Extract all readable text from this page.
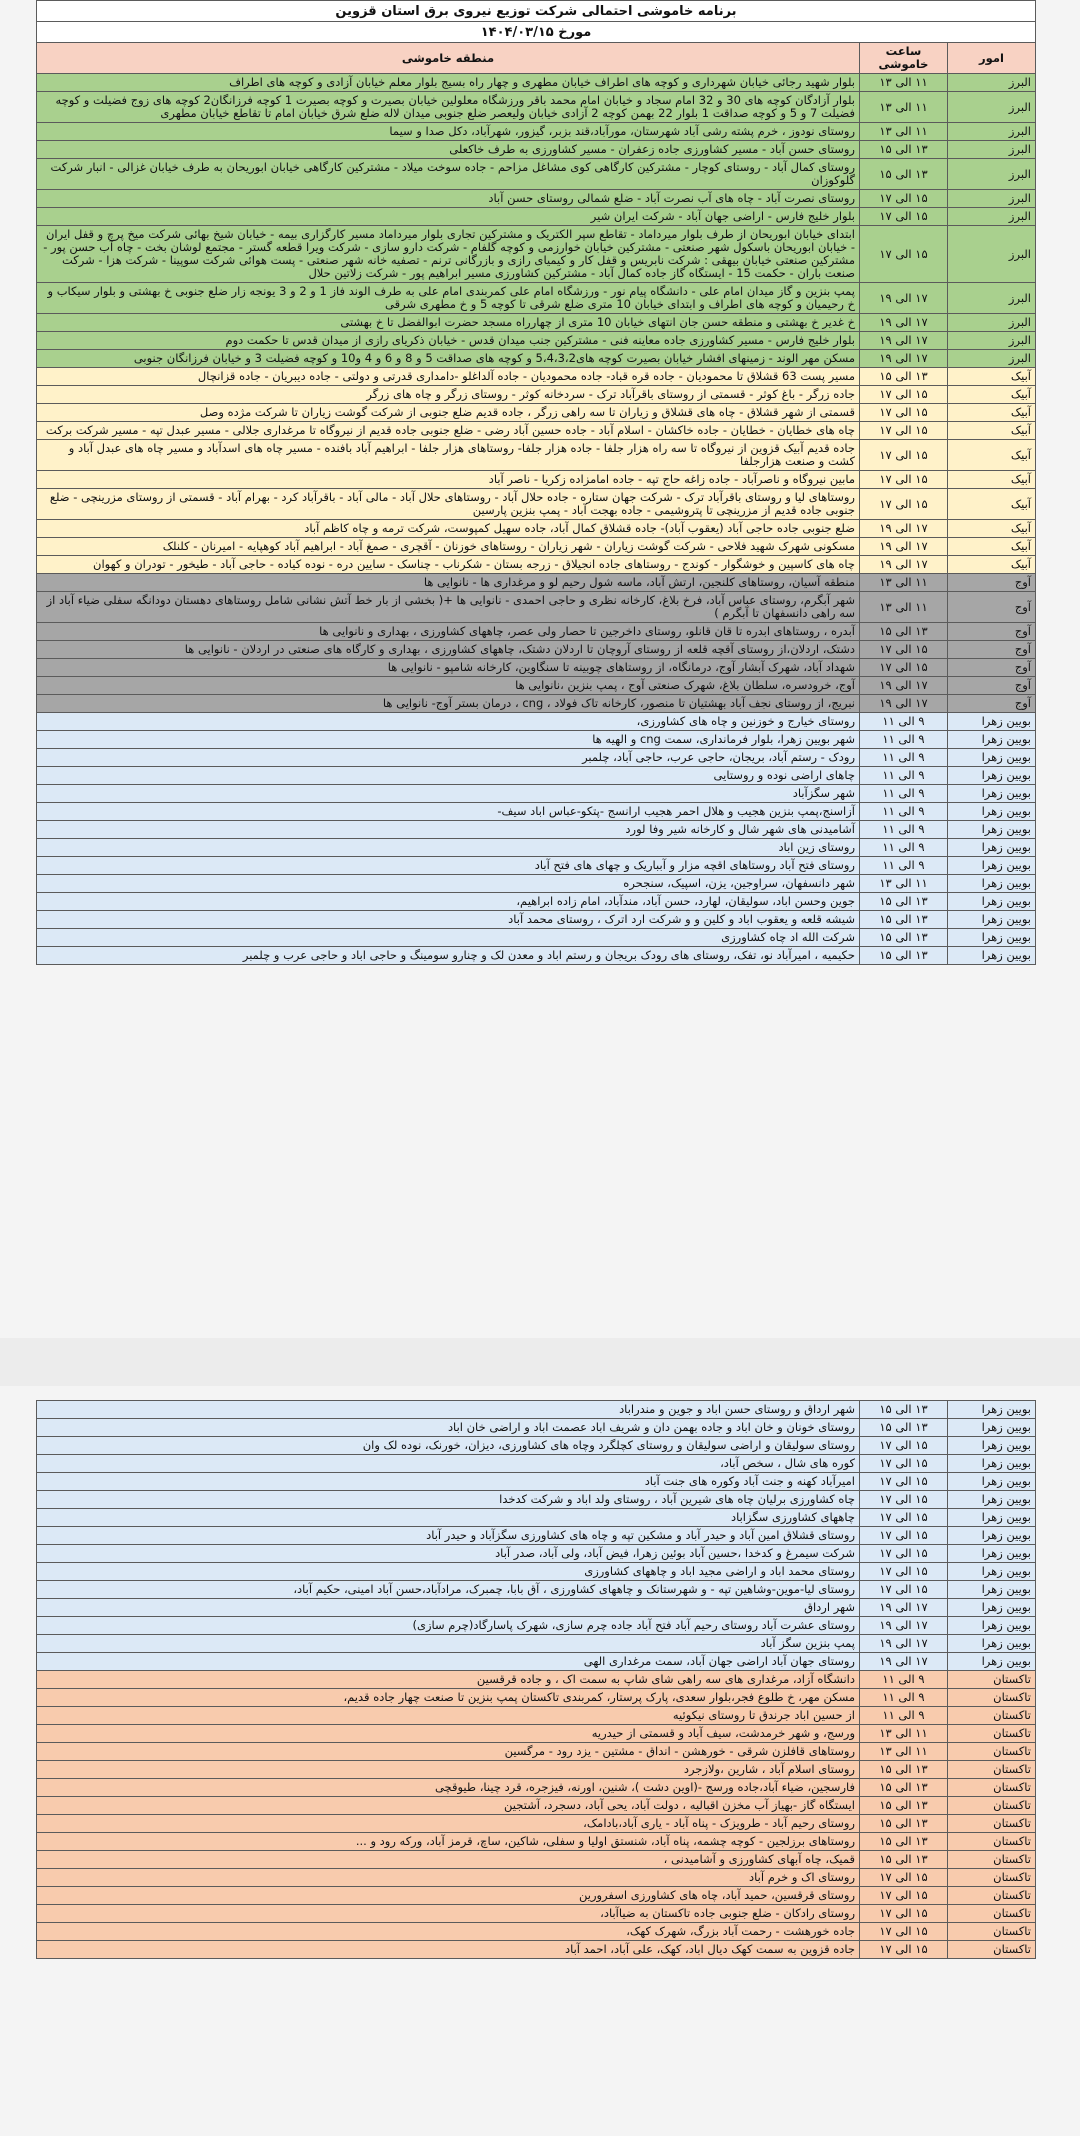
برنامه خاموشی احتمالی شرکت توزیع نیروی برق استان قزوین		
مورخ ۱۴۰۴/۰۳/۱۵		
امور	ساعت خاموشی	منطقه خاموشی
البرز	۱۱ الی ۱۳	بلوار شهید رجائی خیابان شهرداری و کوچه های اطراف خیابان مطهری و چهار راه بسیج بلوار معلم خیابان آزادی و کوچه های اطراف
البرز	۱۱ الی ۱۳	بلوار آزادگان کوچه های 30 و 32 امام سجاد و خیابان امام محمد باقر ورزشگاه معلولین خیابان بصیرت و کوچه بصیرت 1 کوچه فرزانگان2 کوچه های زوج فضیلت و کوچه فضیلت 7 و 5 و کوچه صداقت 1 بلوار 22 بهمن کوچه 2 آزادی خیابان ولیعصر ضلع جنوبی میدان لاله ضلع شرق خیابان امام تا تقاطع خیابان مطهری
البرز	۱۱ الی ۱۳	روستای نودوز ، خرم پشته رشی آباد شهرستان، مورآباد،قند بزبر، گیزور، شهرآباد، دکل صدا و سیما
البرز	۱۳ الی ۱۵	روستای حسن آباد - مسیر کشاورزی جاده زعفران - مسیر کشاورزی به طرف خاکعلی
البرز	۱۳ الی ۱۵	روستای کمال آباد - روستای کوچار - مشترکین کارگاهی کوی مشاغل مزاحم - جاده سوخت میلاد - مشترکین کارگاهی خیابان ابوریحان به طرف خیابان غزالی - انبار شرکت گلوکوزان
البرز	۱۵ الی ۱۷	روستای نصرت آباد - چاه های آب نصرت آباد - ضلع شمالی روستای حسن آباد
البرز	۱۵ الی ۱۷	بلوار خلیج فارس - اراضی جهان آباد - شرکت ایران شیر
البرز	۱۵ الی ۱۷	ابتدای خیابان ابوریحان از طرف بلوار میرداماد - تقاطع سپر الکتریک و مشترکین تجاری بلوار میرداماد مسیر کارگزاری بیمه - خیابان شیخ بهائی شرکت میخ پرچ و قفل ایران - خیابان ابوریحان باسکول شهر صنعتی - مشترکین خیابان خوارزمی و کوچه گلفام - شرکت دارو سازی - شرکت ویرا قطعه گستر - مجتمع لوشان بخت - چاه آب حسن پور - مشترکین صنعتی خیابان بیهقی : شرکت نابریس و قفل کار و کیمیای رازی و بازرگانی ترنم - تصفیه خانه شهر صنعتی - پست هوائی شرکت سوپینا - شرکت هزا - شرکت صنعت باران - حکمت 15 - ایستگاه گاز جاده کمال آباد - مشترکین کشاورزی مسیر ابراهیم پور - شرکت زلاتین حلال
البرز	۱۷ الی ۱۹	پمپ بنزین و گاز میدان امام علی - دانشگاه پیام نور - ورزشگاه امام علی کمربندی امام علی به طرف الوند فاز 1 و 2 و 3 یونجه زار ضلع جنوبی خ بهشتی و بلوار سیکاب و خ رحیمیان و کوچه های اطراف و ابتدای خیابان 10 متری ضلع شرقی تا کوچه 5 و خ مطهری شرقی
البرز	۱۷ الی ۱۹	خ غدیر خ بهشتی و منطقه حسن جان انتهای خیابان 10 متری از چهارراه مسجد حضرت ابوالفضل تا خ بهشتی
البرز	۱۷ الی ۱۹	بلوار خلیج فارس - مسیر کشاورزی جاده معاینه فنی - مشترکین جنب میدان قدس - خیابان ذکریای رازی از میدان قدس تا حکمت دوم
البرز	۱۷ الی ۱۹	مسکن مهر الوند - زمینهای افشار خیابان بصیرت کوچه های5،4،3،2 و کوچه های صداقت 5 و 8 و 6 و 4 و10 و کوچه فضیلت 3 و خیابان فرزانگان جنوبی
آبیک	۱۳ الی ۱۵	مسیر پست 63 قشلاق تا محمودیان - جاده قره قباد- جاده محمودیان - جاده آلداغلو -دامداری قدرتی و دولتی - جاده دیبریان - جاده قزانچال
آبیک	۱۵ الی ۱۷	جاده زرگر - باغ کوثر - قسمتی از روستای باقرآباد ترک - سردخانه کوثر - روستای زرگر و چاه های زرگر
آبیک	۱۵ الی ۱۷	قسمتی از شهر قشلاق - چاه های قشلاق و زیاران تا سه راهی زرگر ، جاده قدیم ضلع جنوبی از شرکت گوشت زیاران تا شرکت مژده وصل
آبیک	۱۵ الی ۱۷	چاه های خطایان - خطایان - جاده خاکشان - اسلام آباد - جاده حسین آباد رضی - ضلع جنوبی جاده قدیم از نیروگاه تا مرغداری جلالی - مسیر عبدل تپه - مسیر شرکت برکت
آبیک	۱۵ الی ۱۷	جاده قدیم آبیک قزوین از نیروگاه تا سه راه هزار جلفا - جاده هزار جلفا- روستاهای هزار جلفا - ابراهیم آباد بافنده - مسیر چاه های اسدآباد و مسیر چاه های عبدل آباد و کشت و صنعت هزارجلفا
آبیک	۱۵ الی ۱۷	مابین نیروگاه و ناصرآباد - جاده زاغه حاج تپه - جاده امامزاده زکریا - ناصر آباد
آبیک	۱۵ الی ۱۷	روستاهای لیا و روستای باقرآباد ترک - شرکت جهان ستاره - جاده حلال آباد - روستاهای حلال آباد - مالی آباد - باقرآباد کرد - بهرام آباد - قسمتی از روستای مزرینچی - ضلع جنوبی جاده قدیم از مزرینچی تا پتروشیمی - جاده بهجت آباد - پمپ بنزین پارسین
آبیک	۱۷ الی ۱۹	ضلع جنوبی جاده حاجی آباد (یعقوب آباد)- جاده قشلاق کمال آباد، جاده سهیل کمپوست، شرکت ترمه و چاه کاظم آباد
آبیک	۱۷ الی ۱۹	مسکونی شهرک شهید فلاحی - شرکت گوشت زیاران - شهر زیاران - روستاهای خوزنان - آقچری - صمغ آباد - ابراهیم آباد کوهپایه - امیرنان - کلنلک
آبیک	۱۷ الی ۱۹	چاه های کاسپین و خوشگوار - کوندج - روستاهای جاده انجیلاق - زرجه بستان - شکرناب - چناسک - سایین دره - نوده کیاده - حاجی آباد - طیخور - تودران و کهوان
آوج	۱۱ الی ۱۳	منطقه آسیان، روستاهای کلنجین، ارتش آباد، ماسه شول رحیم لو و مرغداری ها - نانوایی ها
آوج	۱۱ الی ۱۳	شهر آبگرم، روستای عباس آباد، فرخ بلاغ، کارخانه نظری و حاجی احمدی - نانوایی ها +( بخشی از بار خط آتش نشانی شامل روستاهای دهستان دودانگه سفلی ضیاء آباد از سه راهی دانسفهان تا آبگرم )
آوج	۱۳ الی ۱۵	آبدره ، روستاهای ابدره تا قان قانلو، روستای داخرجین تا حصار ولی عصر، چاههای کشاورزی ، بهداری و نانوایی ها
آوج	۱۵ الی ۱۷	دشتک، اردلان،از روستای آقچه قلعه از روستای آروچان تا اردلان دشتک، چاههای کشاورزی ، بهداری و کارگاه های صنعتی در اردلان - نانوایی ها
آوج	۱۵ الی ۱۷	شهداد آباد، شهرک آبشار آوج، درمانگاه، از روستاهای چوبینه تا سنگاوین، کارخانه شامپو - نانوایی ها
آوج	۱۷ الی ۱۹	آوج، خرودسره، سلطان بلاغ، شهرک صنعتی آوج ، پمپ بنزین ،نانوایی ها
آوج	۱۷ الی ۱۹	نبریج، از روستای نجف آباد بهشتیان تا منصور، کارخانه تاک فولاد ، cng ، درمان بستر آوج- نانوایی ها
بویین زهرا	۹ الی ۱۱	روستای خیارج و خوزنین و چاه های کشاورزی،
بویین زهرا	۹ الی ۱۱	شهر بویین زهرا، بلوار فرمانداری، سمت cng و الهیه ها
بویین زهرا	۹ الی ۱۱	رودک - رستم آباد، بریجان، حاجی عرب، حاجی آباد، چلمبر
بویین زهرا	۹ الی ۱۱	چاهای اراضی نوده و روستایی
بویین زهرا	۹ الی ۱۱	شهر سگزآباد
بویین زهرا	۹ الی ۱۱	آزاسنج،پمپ بنزین هجیب و هلال احمر هجیب ارانسج -پتکو-عباس اباد سیف-
بویین زهرا	۹ الی ۱۱	آشامیدنی های شهر شال و کارخانه شیر وفا لورد
بویین زهرا	۹ الی ۱۱	روستای زین اباد
بویین زهرا	۹ الی ۱۱	روستای فتح آباد روستاهای اقچه مزار و آبباریک و چهای های فتح آباد
بویین زهرا	۱۱ الی ۱۳	شهر دانسفهان، سراوجین، یزن، اسپیک، سنجحره
بویین زهرا	۱۳ الی ۱۵	جوین وحسن اباد، سولیقان، لهارد، حسن آباد، مندآباد، امام زاده ابراهیم،
بویین زهرا	۱۳ الی ۱۵	شیشه قلعه و یعقوب اباد و کلین و و شرکت ارد اترک ، روستای محمد آباد
بویین زهرا	۱۳ الی ۱۵	شرکت الله اد چاه کشاورزی
بویین زهرا	۱۳ الی ۱۵	حکیمیه ، امیرآباد نو، تفک، روستای های رودک بریجان و رستم اباد و معدن لک و چنارو سومینگ و حاجی اباد و حاجی عرب و چلمبر
بویین زهرا	۱۳ الی ۱۵	شهر ارداق و روستای حسن اباد و جوین و مندراباد
بویین زهرا	۱۳ الی ۱۵	روستای خونان و خان اباد و جاده بهمن دان و شریف اباد عصمت اباد و اراضی خان اباد
بویین زهرا	۱۵ الی ۱۷	روستای سولیقان و اراضی سولیقان و روستای کچلگرد وچاه های کشاورزی، دیزان، خورنک، نوده لک وان
بویین زهرا	۱۵ الی ۱۷	کوره های شال ، سخص آباد،
بویین زهرا	۱۵ الی ۱۷	امیرآباد کهنه و جنت آباد وکوره های جنت آباد
بویین زهرا	۱۵ الی ۱۷	چاه کشاورزی برلیان چاه های شیرین آباد ، روستای ولد اباد و شرکت کدخدا
بویین زهرا	۱۵ الی ۱۷	چاههای کشاورزی سگزاباد
بویین زهرا	۱۵ الی ۱۷	روستای قشلاق امین آباد و حیدر آباد و مشکین تپه و چاه های کشاورزی سگزآباد و حیدر آباد
بویین زهرا	۱۵ الی ۱۷	شرکت سیمرغ و کدخدا ،حسین آباد بوئین زهرا، فیض آباد، ولی آباد، صدر آباد
بویین زهرا	۱۵ الی ۱۷	روستای محمد اباد و اراضی مجید اباد و چاههای کشاورزی
بویین زهرا	۱۵ الی ۱۷	روستای لیا-موین-وشاهین تپه - و شهرستانک و چاههای کشاورزی ، آق بابا، چمبرک، مرادآباد،حسن آباد امینی، حکیم آباد،
بویین زهرا	۱۷ الی ۱۹	شهر ارداق
بویین زهرا	۱۷ الی ۱۹	روستای عشرت آباد روستای رحیم آباد فتح آباد جاده چرم سازی، شهرک پاسارگاد(چرم سازی)
بویین زهرا	۱۷ الی ۱۹	پمپ بنزین سگز آباد
بویین زهرا	۱۷ الی ۱۹	روستای جهان آباد اراضی جهان آباد، سمت مرغداری الهی
تاکستان	۹ الی ۱۱	دانشگاه آزاد، مرغداری های سه راهی شای شاپ به سمت اک ، و جاده قرقسین
تاکستان	۹ الی ۱۱	مسکن مهر، خ طلوع فجر،بلوار سعدی، پارک پرستار، کمربندی تاکستان پمپ بنزین تا صنعت چهار جاده قدیم،
تاکستان	۹ الی ۱۱	از حسین اباد جرندق تا روستای نیکوئیه
تاکستان	۱۱ الی ۱۳	ورسج، و شهر خرمدشت، سیف آباد و قسمتی از حیدریه
تاکستان	۱۱ الی ۱۳	روستاهای قافلزن شرقی - خورهشن - انداق - مشتین - یزد رود - مرگسین
تاکستان	۱۳ الی ۱۵	روستای اسلام آباد ، شارین ،ولازجرد
تاکستان	۱۳ الی ۱۵	فارسجین، ضیاء آباد،جاده ورسج -(اوین دشت )، شنین، اورنه، فیزجره، قرد چینا، طیوقچی
تاکستان	۱۳ الی ۱۵	ایستگاه گاز -بهیاز آب مخزن اقبالیه ، دولت آباد، یحی آباد، دسجرد، آشتجین
تاکستان	۱۳ الی ۱۵	روستای رحیم آباد - طرویزک - پناه آباد - یاری آباد،بادامک،
تاکستان	۱۳ الی ۱۵	روستاهای برزلجین - کوچه چشمه، پناه آباد، شنستق اولیا و سفلی، شاکین، ساچ، قرمز آباد، ورکه رود و ...
تاکستان	۱۳ الی ۱۵	قمیک، چاه آبهای کشاورزی و آشامیدنی ،
تاکستان	۱۵ الی ۱۷	روستای اک و خرم آباد
تاکستان	۱۵ الی ۱۷	روستای قرقسین، حمید آباد، چاه های کشاورزی اسفرورین
تاکستان	۱۵ الی ۱۷	روستای رادکان - ضلع جنوبی جاده تاکستان به ضیاآباد،
تاکستان	۱۵ الی ۱۷	جاده خورهشت - رحمت آباد بزرگ، شهرک کهک،
تاکستان	۱۵ الی ۱۷	جاده قزوین به سمت کهک دیال اباد، کهک، علی آباد، احمد آباد
